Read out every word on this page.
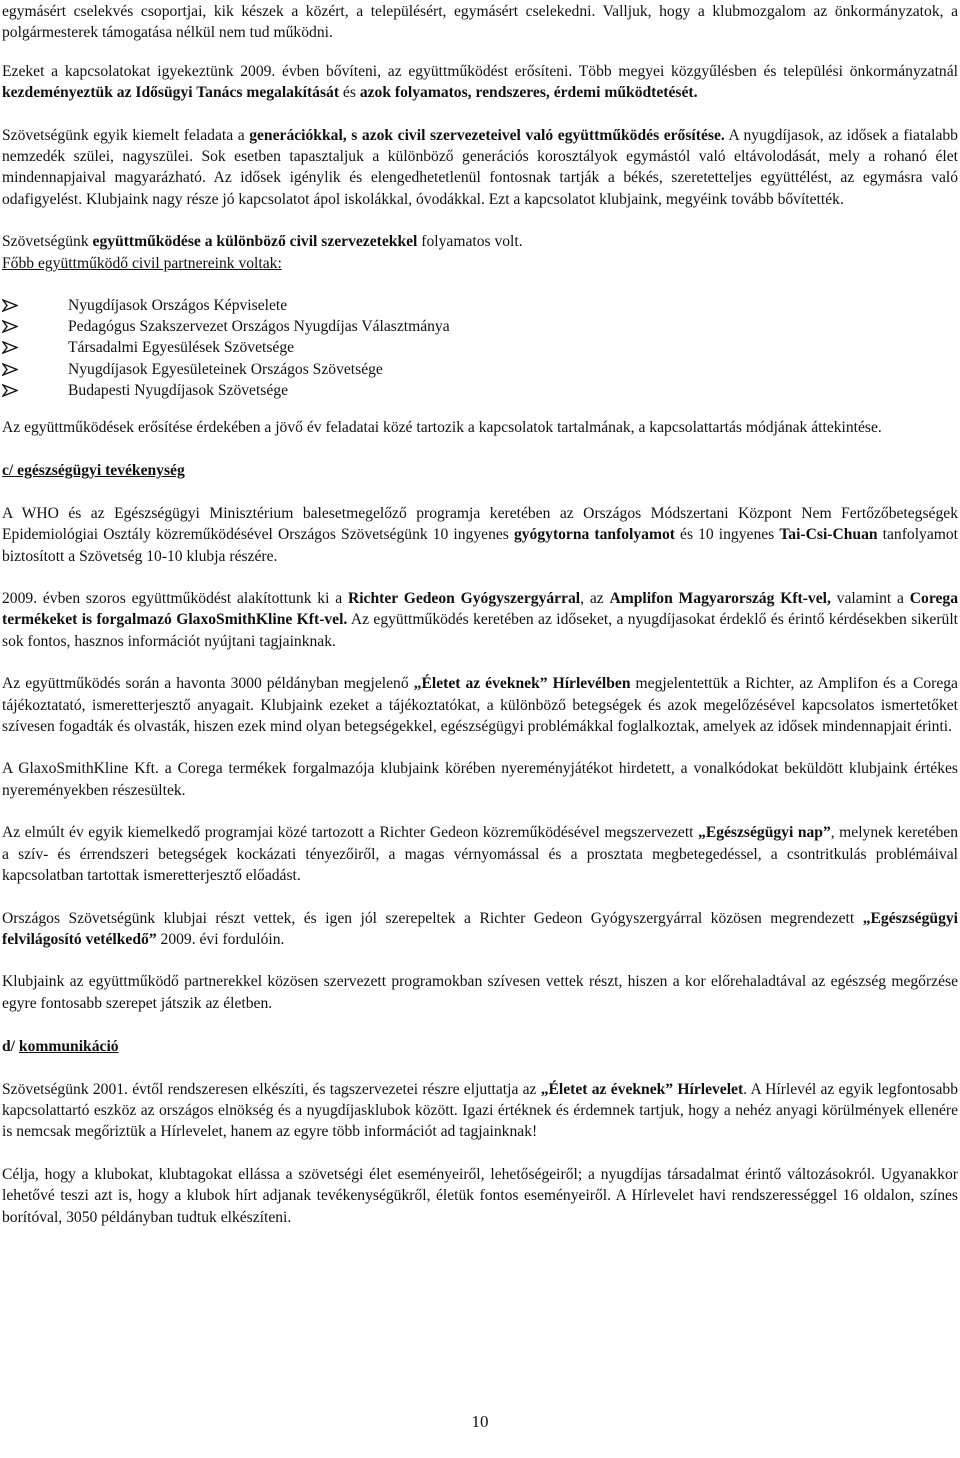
egymásért cselekvés csoportjai, kik készek a közért, a településért, egymásért cselekedni. Valljuk, hogy a klubmozgalom az önkormányzatok, a polgármesterek támogatása nélkül nem tud működni.

Ezeket a kapcsolatokat igyekeztünk 2009. évben bővíteni, az együttműködést erősíteni. Több megyei közgyűlésben és települési önkormányzatnál kezdeményeztük az Idősügyi Tanács megalakítását és azok folyamatos, rendszeres, érdemi működtetését.

Szövetségünk egyik kiemelt feladata a generációkkal, s azok civil szervezeteivel való együttműködés erősítése. A nyugdíjasok, az idősek a fiatalabb nemzedék szülei, nagyszülei. Sok esetben tapasztaljuk a különböző generációs korosztályok egymástól való eltávolodását, mely a rohanó élet mindennapjaival magyarázható. Az idősek igénylik és elengedhetetlenül fontosnak tartják a békés, szeretetteljes együttélést, az egymásra való odafigyelést. Klubjaink nagy része jó kapcsolatot ápol iskolákkal, óvodákkal. Ezt a kapcsolatot klubjaink, megyéink tovább bővítették.

Szövetségünk együttműködése a különböző civil szervezetekkel folyamatos volt.
Főbb együttműködő civil partnereink voltak:

Nyugdíjasok Országos Képviselete
Pedagógus Szakszervezet Országos Nyugdíjas Választmánya
Társadalmi Egyesülések Szövetsége
Nyugdíjasok Egyesületeinek Országos Szövetsége
Budapesti Nyugdíjasok Szövetsége

Az együttműködések erősítése érdekében a jövő év feladatai közé tartozik a kapcsolatok tartalmának, a kapcsolattartás módjának áttekintése.

c/ egészségügyi tevékenység

A WHO és az Egészségügyi Minisztérium balesetmegelőző programja keretében az Országos Módszertani Központ Nem Fertőzőbetegségek Epidemiológiai Osztály közreműködésével Országos Szövetségünk 10 ingyenes gyógytorna tanfolyamot és 10 ingyenes Tai-Csi-Chuan tanfolyamot biztosított a Szövetség 10-10 klubja részére.

2009. évben szoros együttműködést alakítottunk ki a Richter Gedeon Gyógyszergyárral, az Amplifon Magyarország Kft-vel, valamint a Corega termékeket is forgalmazó GlaxoSmithKline Kft-vel. Az együttműködés keretében az időseket, a nyugdíjasokat érdeklő és érintő kérdésekben sikerült sok fontos, hasznos információt nyújtani tagjainknak.

Az együttműködés során a havonta 3000 példányban megjelenő „Életet az éveknek” Hírlevélben megjelentettük a Richter, az Amplifon és a Corega tájékoztatató, ismeretterjesztő anyagait. Klubjaink ezeket a tájékoztatókat, a különböző betegségek és azok megelőzésével kapcsolatos ismertetőket szívesen fogadták és olvasták, hiszen ezek mind olyan betegségekkel, egészségügyi problémákkal foglalkoztak, amelyek az idősek mindennapjait érinti.

A GlaxoSmithKline Kft. a Corega termékek forgalmazója klubjaink körében nyereményjátékot hirdetett, a vonalkódokat beküldött klubjaink értékes nyereményekben részesültek.

Az elmúlt év egyik kiemelkedő programjai közé tartozott a Richter Gedeon közreműködésével megszervezett „Egészségügyi nap”, melynek keretében a szív- és érrendszeri betegségek kockázati tényezőiről, a magas vérnyomással és a prosztata megbetegedéssel, a csontritkulás problémáival kapcsolatban tartottak ismeretterjesztő előadást.

Országos Szövetségünk klubjai részt vettek, és igen jól szerepeltek a Richter Gedeon Gyógyszergyárral közösen megrendezett „Egészségügyi felvilágosító vetélkedő” 2009. évi fordulóin.

Klubjaink az együttműködő partnerekkel közösen szervezett programokban szívesen vettek részt, hiszen a kor előrehaladtával az egészség megőrzése egyre fontosabb szerepet játszik az életben.

d/ kommunikáció

Szövetségünk 2001. évtől rendszeresen elkészíti, és tagszervezetei részre eljuttatja az „Életet az éveknek” Hírlevelet. A Hírlevél az egyik legfontosabb kapcsolattartó eszköz az országos elnökség és a nyugdíjasklubok között. Igazi értéknek és érdemnek tartjuk, hogy a nehéz anyagi körülmények ellenére is nemcsak megőriztük a Hírlevelet, hanem az egyre több információt ad tagjainknak!

Célja, hogy a klubokat, klubtagokat ellássa a szövetségi élet eseményeiről, lehetőségeiről; a nyugdíjas társadalmat érintő változásokról. Ugyanakkor lehetővé teszi azt is, hogy a klubok hírt adjanak tevékenységükről, életük fontos eseményeiről. A Hírlevelet havi rendszerességgel 16 oldalon, színes borítóval, 3050 példányban tudtuk elkészíteni.

10
